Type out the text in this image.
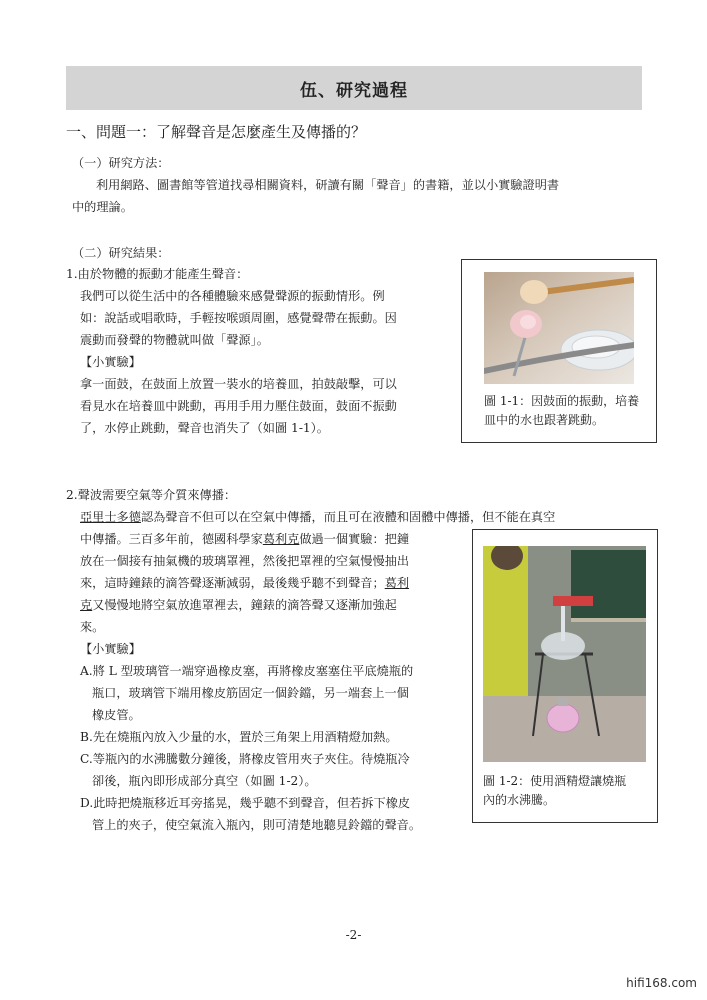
伍、研究過程
一、問題一：了解聲音是怎麼產生及傳播的？
（一）研究方法：
利用網路、圖書館等管道找尋相關資料，研讀有關「聲音」的書籍，並以小實驗證明書
中的理論。
（二）研究結果：
1.由於物體的振動才能產生聲音：
我們可以從生活中的各種體驗來感覺聲源的振動情形。例
如：說話或唱歌時，手輕按喉頭周圍，感覺聲帶在振動。因
震動而發聲的物體就叫做「聲源」。
【小實驗】
拿一面鼓，在鼓面上放置一裝水的培養皿，拍鼓敲擊，可以
看見水在培養皿中跳動，再用手用力壓住鼓面，鼓面不振動
了，水停止跳動，聲音也消失了（如圖 1-1）。
圖 1-1：因鼓面的振動，培養
皿中的水也跟著跳動。
2.聲波需要空氣等介質來傳播：
亞里士多德認為聲音不但可以在空氣中傳播，而且可在液體和固體中傳播，但不能在真空
中傳播。三百多年前，德國科學家葛利克做過一個實驗：把鐘
放在一個接有抽氣機的玻璃罩裡，然後把罩裡的空氣慢慢抽出
來，這時鐘錶的滴答聲逐漸減弱，最後幾乎聽不到聲音；葛利
克又慢慢地將空氣放進罩裡去，鐘錶的滴答聲又逐漸加強起
來。
【小實驗】
A.將 L 型玻璃管一端穿過橡皮塞，再將橡皮塞塞住平底燒瓶的
瓶口，玻璃管下端用橡皮筋固定一個鈴鐺，另一端套上一個
橡皮管。
B.先在燒瓶內放入少量的水，置於三角架上用酒精燈加熱。
C.等瓶內的水沸騰數分鐘後，將橡皮管用夾子夾住。待燒瓶冷
卻後，瓶內即形成部分真空（如圖 1-2）。
D.此時把燒瓶移近耳旁搖晃，幾乎聽不到聲音，但若拆下橡皮
管上的夾子，使空氣流入瓶內，則可清楚地聽見鈴鐺的聲音。
圖 1-2：使用酒精燈讓燒瓶
內的水沸騰。
-2-
hifi168.com
